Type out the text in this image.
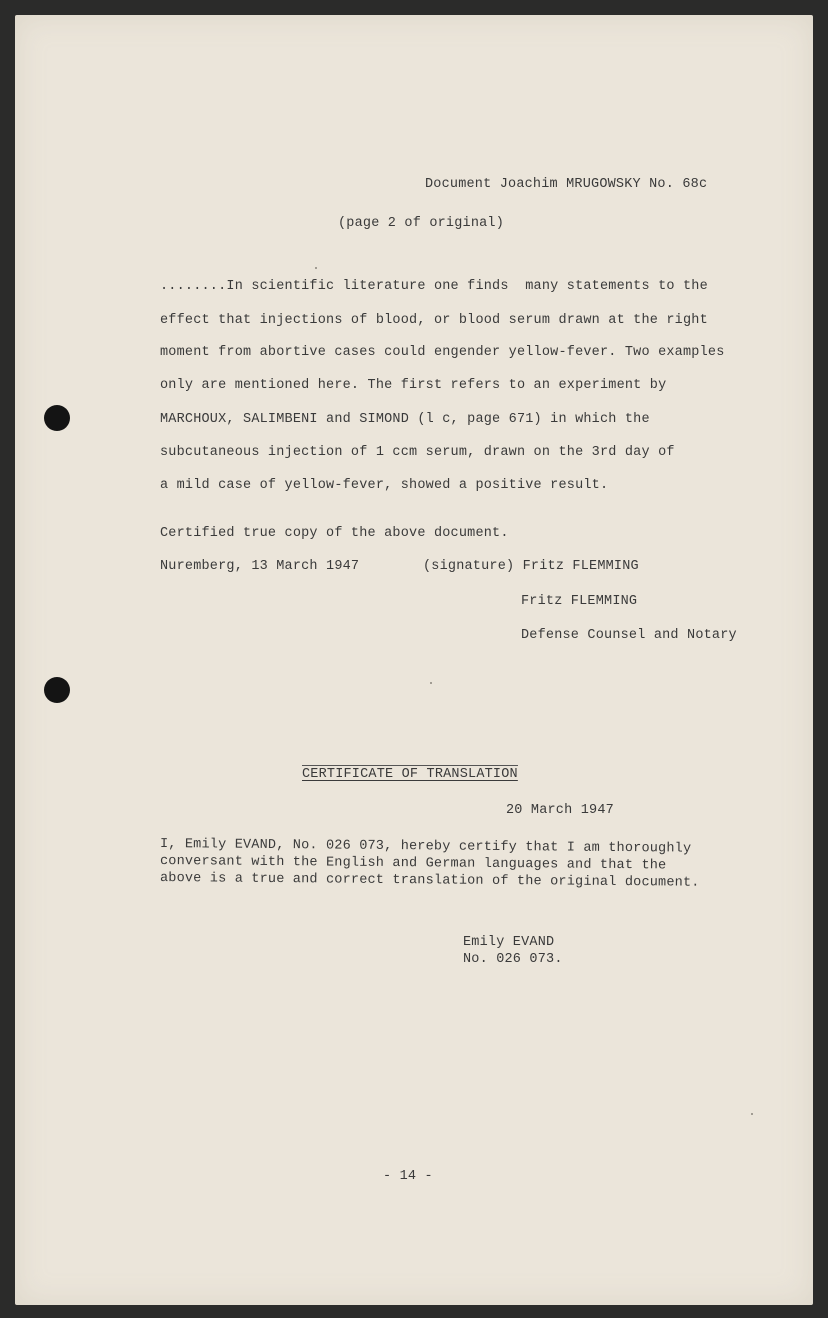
Document Joachim MRUGOWSKY No. 68c
(page 2 of original)
........In scientific literature one finds  many statements to the
effect that injections of blood, or blood serum drawn at the right
moment from abortive cases could engender yellow-fever. Two examples
only are mentioned here. The first refers to an experiment by
MARCHOUX, SALIMBENI and SIMOND (l c, page 671) in which the
subcutaneous injection of 1 ccm serum, drawn on the 3rd day of
a mild case of yellow-fever, showed a positive result.
Certified true copy of the above document.
Nuremberg, 13 March 1947	(signature) Fritz FLEMMING
Fritz FLEMMING
Defense Counsel and Notary
CERTIFICATE OF TRANSLATION
20 March 1947
I, Emily EVAND, No. 026 073, hereby certify that I am thoroughly
conversant with the English and German languages and that the
above is a true and correct translation of the original document.
Emily EVAND
No. 026 073.
- 14 -
